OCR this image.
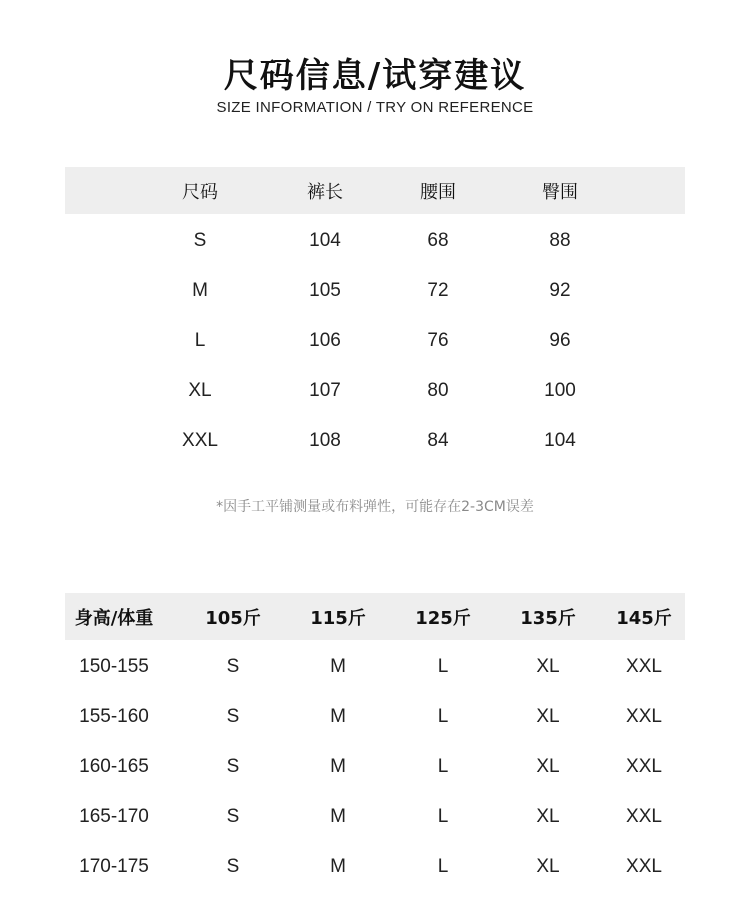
尺码信息/试穿建议
SIZE INFORMATION / TRY ON REFERENCE
尺码	裤长	腰围	臀围
S	104	68	88
M	105	72	92
L	106	76	96
XL	107	80	100
XXL	108	84	104
*因手工平铺测量或布料弹性，可能存在2-3CM误差
身高/体重	105斤	115斤	125斤	135斤	145斤
150-155	S	M	L	XL	XXL
155-160	S	M	L	XL	XXL
160-165	S	M	L	XL	XXL
165-170	S	M	L	XL	XXL
170-175	S	M	L	XL	XXL
